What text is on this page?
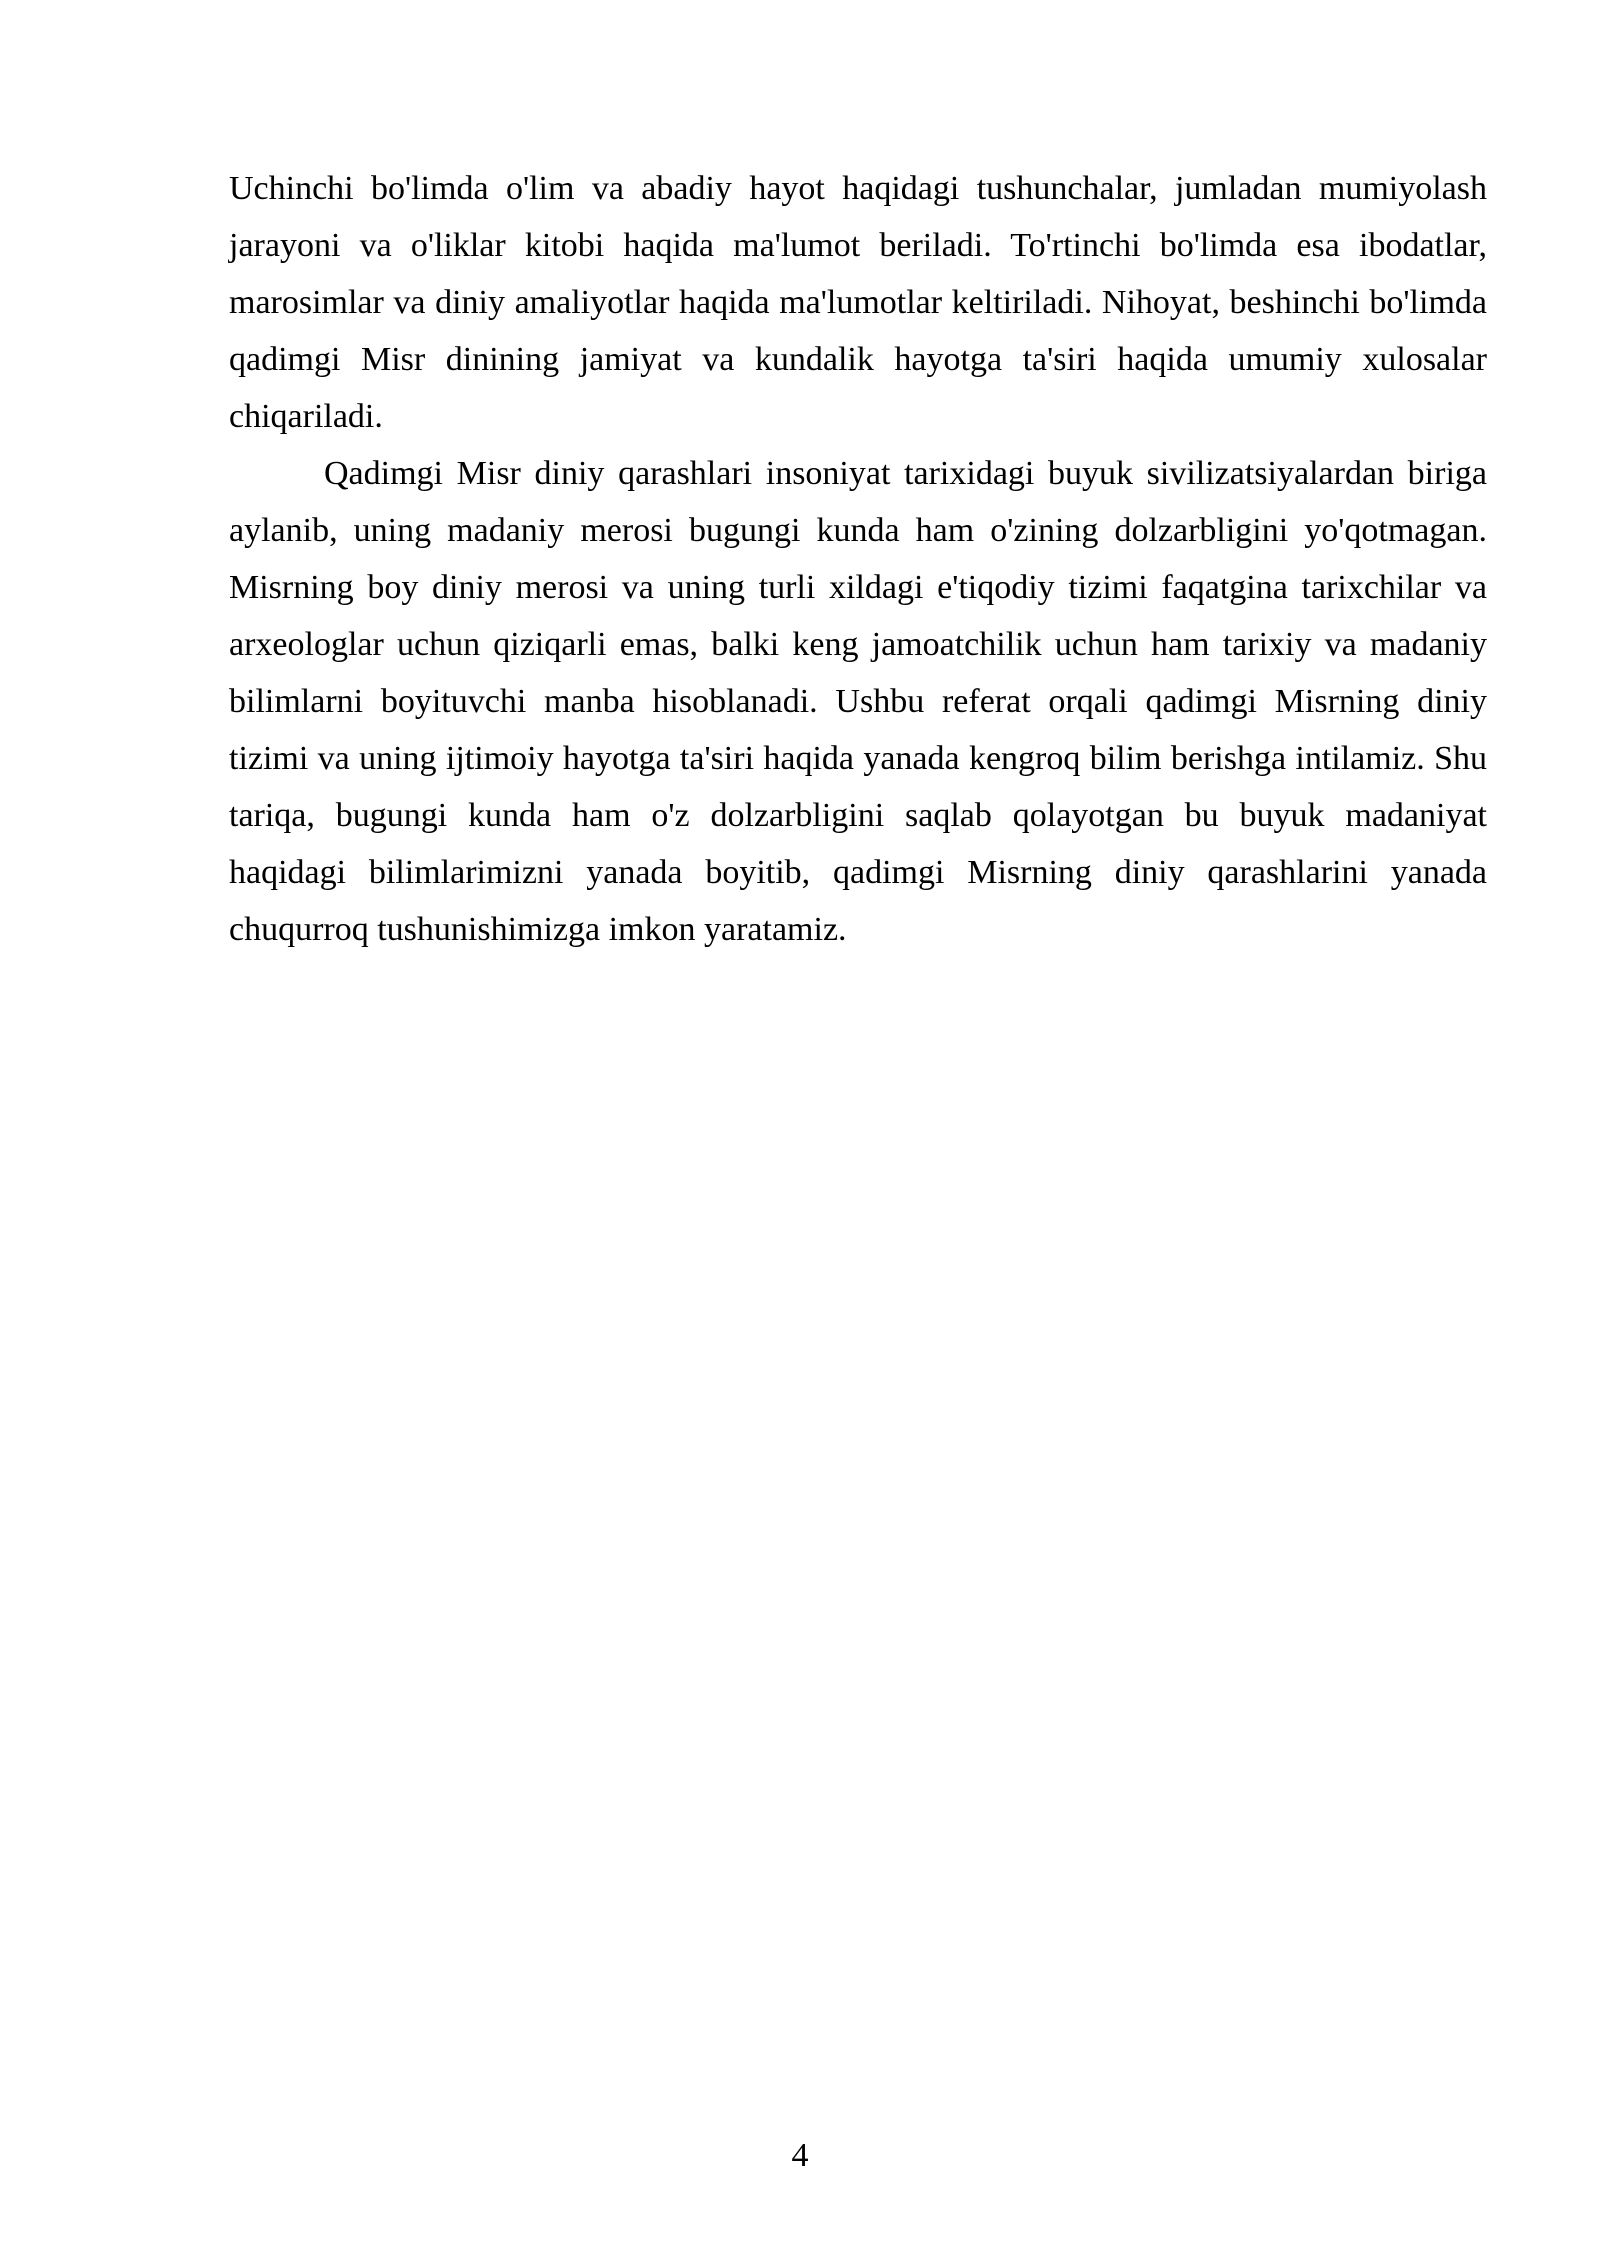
Uchinchi bo'limda o'lim va abadiy hayot haqidagi tushunchalar, jumladan mumiyolash jarayoni va o'liklar kitobi haqida ma'lumot beriladi. To'rtinchi bo'limda esa ibodatlar, marosimlar va diniy amaliyotlar haqida ma'lumotlar keltiriladi. Nihoyat, beshinchi bo'limda qadimgi Misr dinining jamiyat va kundalik hayotga ta'siri haqida umumiy xulosalar chiqariladi.

Qadimgi Misr diniy qarashlari insoniyat tarixidagi buyuk sivilizatsiyalardan biriga aylanib, uning madaniy merosi bugungi kunda ham o'zining dolzarbligini yo'qotmagan. Misrning boy diniy merosi va uning turli xildagi e'tiqodiy tizimi faqatgina tarixchilar va arxeologlar uchun qiziqarli emas, balki keng jamoatchilik uchun ham tarixiy va madaniy bilimlarni boyituvchi manba hisoblanadi. Ushbu referat orqali qadimgi Misrning diniy tizimi va uning ijtimoiy hayotga ta'siri haqida yanada kengroq bilim berishga intilamiz. Shu tariqa, bugungi kunda ham o'z dolzarbligini saqlab qolayotgan bu buyuk madaniyat haqidagi bilimlarimizni yanada boyitib, qadimgi Misrning diniy qarashlarini yanada chuqurroq tushunishimizga imkon yaratamiz.

4
